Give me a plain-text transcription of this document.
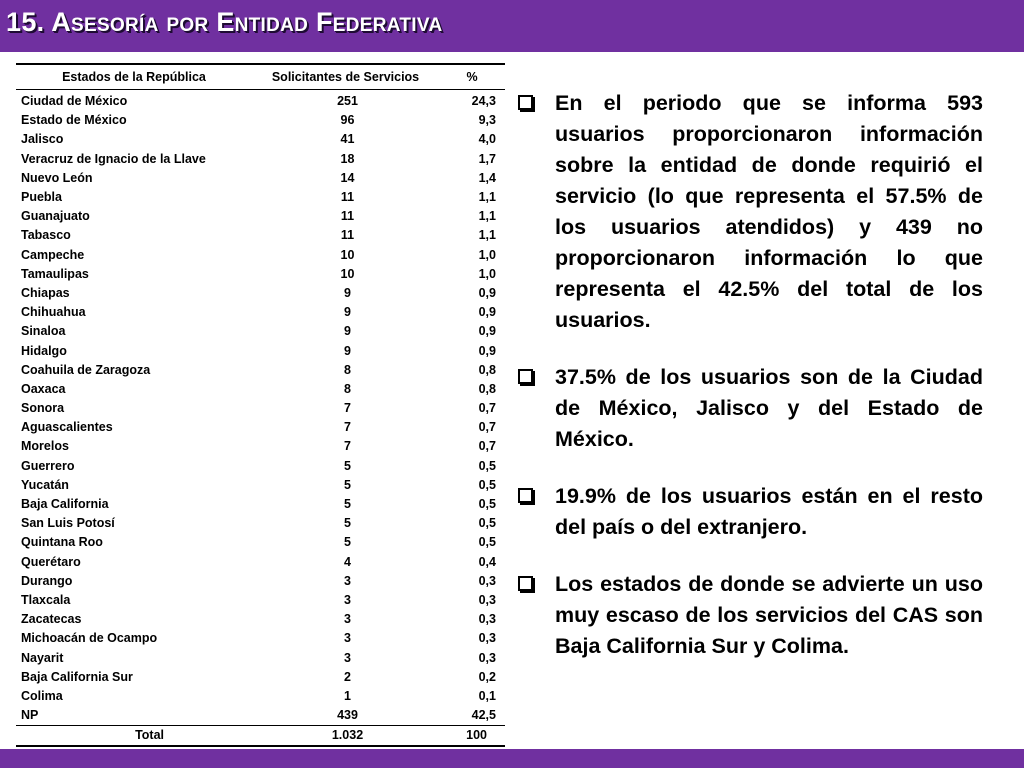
15. Asesoría por Entidad Federativa
Estados de la República	Solicitantes de Servicios	%
Ciudad de México	251	24,3
Estado de México	96	9,3
Jalisco	41	4,0
Veracruz de Ignacio de la Llave	18	1,7
Nuevo León	14	1,4
Puebla	11	1,1
Guanajuato	11	1,1
Tabasco	11	1,1
Campeche	10	1,0
Tamaulipas	10	1,0
Chiapas	9	0,9
Chihuahua	9	0,9
Sinaloa	9	0,9
Hidalgo	9	0,9
Coahuila de Zaragoza	8	0,8
Oaxaca	8	0,8
Sonora	7	0,7
Aguascalientes	7	0,7
Morelos	7	0,7
Guerrero	5	0,5
Yucatán	5	0,5
Baja California	5	0,5
San Luis Potosí	5	0,5
Quintana Roo	5	0,5
Querétaro	4	0,4
Durango	3	0,3
Tlaxcala	3	0,3
Zacatecas	3	0,3
Michoacán de Ocampo	3	0,3
Nayarit	3	0,3
Baja California Sur	2	0,2
Colima	1	0,1
NP	439	42,5
Total	1.032	100
En el periodo que se informa 593 usuarios proporcionaron información sobre la entidad de donde requirió el servicio (lo que representa el 57.5% de los usuarios atendidos) y 439 no proporcionaron información lo que representa el 42.5% del total de los usuarios.
37.5% de los usuarios son de la Ciudad de México, Jalisco y del Estado de México.
19.9% de los usuarios están en el resto del país o del extranjero.
Los estados de donde se advierte un uso muy escaso de los servicios del CAS son Baja California Sur y Colima.
